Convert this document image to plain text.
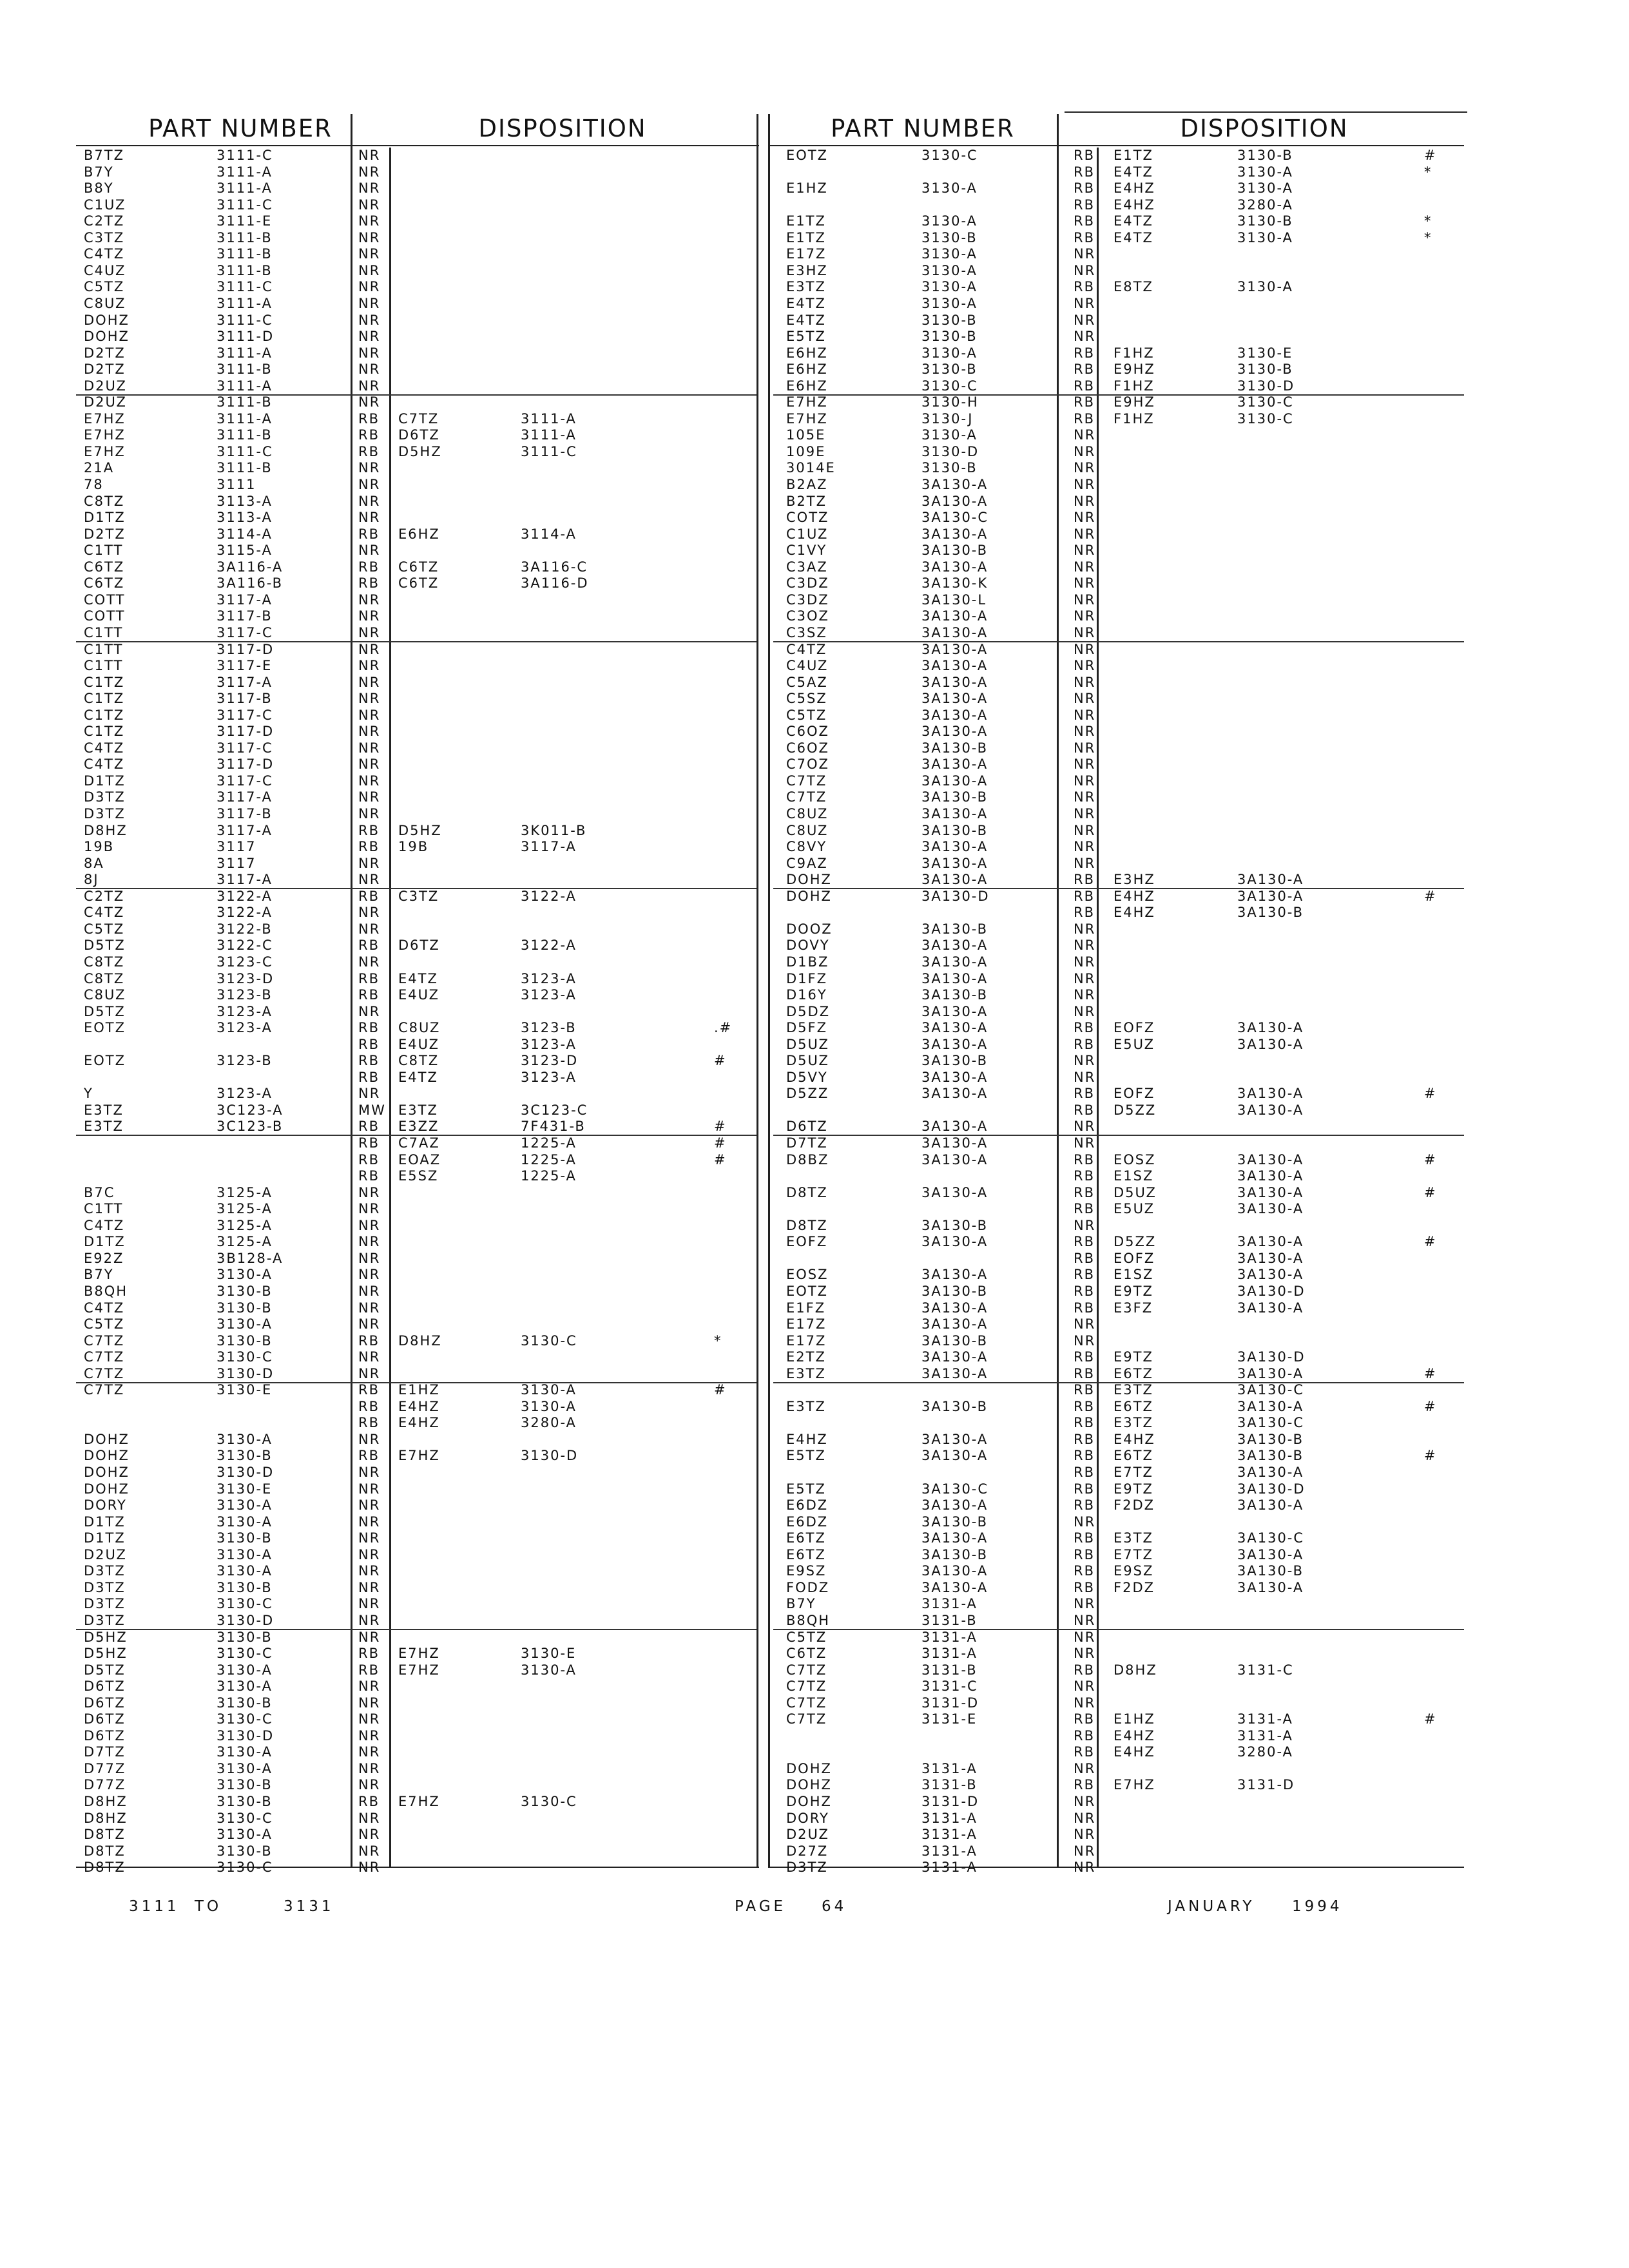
PART NUMBER	DISPOSITION
B7TZ	3111-C	NR
B7Y	3111-A	NR
B8Y	3111-A	NR
C1UZ	3111-C	NR
C2TZ	3111-E	NR
C3TZ	3111-B	NR
C4TZ	3111-B	NR
C4UZ	3111-B	NR
C5TZ	3111-C	NR
C8UZ	3111-A	NR
DOHZ	3111-C	NR
DOHZ	3111-D	NR
D2TZ	3111-A	NR
D2TZ	3111-B	NR
D2UZ	3111-A	NR
D2UZ	3111-B	NR
E7HZ	3111-A	RB C7TZ	3111-A
E7HZ	3111-B	RB D6TZ	3111-A
E7HZ	3111-C	RB D5HZ	3111-C
21A	3111-B	NR
78	3111	NR
C8TZ	3113-A	NR
D1TZ	3113-A	NR
D2TZ	3114-A	RB E6HZ	3114-A
C1TT	3115-A	NR
C6TZ	3A116-A	RB C6TZ	3A116-C
C6TZ	3A116-B	RB C6TZ	3A116-D
COTT	3117-A	NR
COTT	3117-B	NR
C1TT	3117-C	NR
C1TT	3117-D	NR
C1TT	3117-E	NR
C1TZ	3117-A	NR
C1TZ	3117-B	NR
C1TZ	3117-C	NR
C1TZ	3117-D	NR
C4TZ	3117-C	NR
C4TZ	3117-D	NR
D1TZ	3117-C	NR
D3TZ	3117-A	NR
D3TZ	3117-B	NR
D8HZ	3117-A	RB D5HZ	3K011-B
19B	3117	RB 19B	3117-A
8A	3117	NR
8J	3117-A	NR
C2TZ	3122-A	RB C3TZ	3122-A
C4TZ	3122-A	NR
C5TZ	3122-B	NR
D5TZ	3122-C	RB D6TZ	3122-A
C8TZ	3123-C	NR
C8TZ	3123-D	RB E4TZ	3123-A
C8UZ	3123-B	RB E4UZ	3123-A
D5TZ	3123-A	NR
EOTZ	3123-A	RB C8UZ	3123-B	.#
RB E4UZ	3123-A
EOTZ	3123-B	RB C8TZ	3123-D	#
RB E4TZ	3123-A
Y	3123-A	NR
E3TZ	3C123-A	MW E3TZ	3C123-C
E3TZ	3C123-B	RB E3ZZ	7F431-B	#
RB C7AZ	1225-A	#
RB EOAZ	1225-A	#
RB E5SZ	1225-A
B7C	3125-A	NR
C1TT	3125-A	NR
C4TZ	3125-A	NR
D1TZ	3125-A	NR
E92Z	3B128-A	NR
B7Y	3130-A	NR
B8QH	3130-B	NR
C4TZ	3130-B	NR
C5TZ	3130-A	NR
C7TZ	3130-B	RB D8HZ	3130-C	*
C7TZ	3130-C	NR
C7TZ	3130-D	NR
C7TZ	3130-E	RB E1HZ	3130-A	#
RB E4HZ	3130-A
RB E4HZ	3280-A
DOHZ	3130-A	NR
DOHZ	3130-B	RB E7HZ	3130-D
DOHZ	3130-D	NR
DOHZ	3130-E	NR
DORY	3130-A	NR
D1TZ	3130-A	NR
D1TZ	3130-B	NR
D2UZ	3130-A	NR
D3TZ	3130-A	NR
D3TZ	3130-B	NR
D3TZ	3130-C	NR
D3TZ	3130-D	NR
D5HZ	3130-B	NR
D5HZ	3130-C	RB E7HZ	3130-E
D5TZ	3130-A	RB E7HZ	3130-A
D6TZ	3130-A	NR
D6TZ	3130-B	NR
D6TZ	3130-C	NR
D6TZ	3130-D	NR
D7TZ	3130-A	NR
D77Z	3130-A	NR
D77Z	3130-B	NR
D8HZ	3130-B	RB E7HZ	3130-C
D8HZ	3130-C	NR
D8TZ	3130-A	NR
D8TZ	3130-B	NR
D8TZ	3130-C	NR
PART NUMBER	DISPOSITION
EOTZ	3130-C	RB E1TZ	3130-B	#
RB E4TZ	3130-A	*
E1HZ	3130-A	RB E4HZ	3130-A
RB E4HZ	3280-A
E1TZ	3130-A	RB E4TZ	3130-B	*
E1TZ	3130-B	RB E4TZ	3130-A	*
E17Z	3130-A	NR
E3HZ	3130-A	NR
E3TZ	3130-A	RB E8TZ	3130-A
E4TZ	3130-A	NR
E4TZ	3130-B	NR
E5TZ	3130-B	NR
E6HZ	3130-A	RB F1HZ	3130-E
E6HZ	3130-B	RB E9HZ	3130-B
E6HZ	3130-C	RB F1HZ	3130-D
E7HZ	3130-H	RB E9HZ	3130-C
E7HZ	3130-J	RB F1HZ	3130-C
105E	3130-A	NR
109E	3130-D	NR
3014E	3130-B	NR
B2AZ	3A130-A	NR
B2TZ	3A130-A	NR
COTZ	3A130-C	NR
C1UZ	3A130-A	NR
C1VY	3A130-B	NR
C3AZ	3A130-A	NR
C3DZ	3A130-K	NR
C3DZ	3A130-L	NR
C3OZ	3A130-A	NR
C3SZ	3A130-A	NR
C4TZ	3A130-A	NR
C4UZ	3A130-A	NR
C5AZ	3A130-A	NR
C5SZ	3A130-A	NR
C5TZ	3A130-A	NR
C6OZ	3A130-A	NR
C6OZ	3A130-B	NR
C7OZ	3A130-A	NR
C7TZ	3A130-A	NR
C7TZ	3A130-B	NR
C8UZ	3A130-A	NR
C8UZ	3A130-B	NR
C8VY	3A130-A	NR
C9AZ	3A130-A	NR
DOHZ	3A130-A	RB E3HZ	3A130-A
DOHZ	3A130-D	RB E4HZ	3A130-A	#
RB E4HZ	3A130-B
DOOZ	3A130-B	NR
DOVY	3A130-A	NR
D1BZ	3A130-A	NR
D1FZ	3A130-A	NR
D16Y	3A130-B	NR
D5DZ	3A130-A	NR
D5FZ	3A130-A	RB EOFZ	3A130-A
D5UZ	3A130-A	RB E5UZ	3A130-A
D5UZ	3A130-B	NR
D5VY	3A130-A	NR
D5ZZ	3A130-A	RB EOFZ	3A130-A	#
RB D5ZZ	3A130-A
D6TZ	3A130-A	NR
D7TZ	3A130-A	NR
D8BZ	3A130-A	RB EOSZ	3A130-A	#
RB E1SZ	3A130-A
D8TZ	3A130-A	RB D5UZ	3A130-A	#
RB E5UZ	3A130-A
D8TZ	3A130-B	NR
EOFZ	3A130-A	RB D5ZZ	3A130-A	#
RB EOFZ	3A130-A
EOSZ	3A130-A	RB E1SZ	3A130-A
EOTZ	3A130-B	RB E9TZ	3A130-D
E1FZ	3A130-A	RB E3FZ	3A130-A
E17Z	3A130-A	NR
E17Z	3A130-B	NR
E2TZ	3A130-A	RB E9TZ	3A130-D
E3TZ	3A130-A	RB E6TZ	3A130-A	#
RB E3TZ	3A130-C
E3TZ	3A130-B	RB E6TZ	3A130-A	#
RB E3TZ	3A130-C
E4HZ	3A130-A	RB E4HZ	3A130-B
E5TZ	3A130-A	RB E6TZ	3A130-B	#
RB E7TZ	3A130-A
E5TZ	3A130-C	RB E9TZ	3A130-D
E6DZ	3A130-A	RB F2DZ	3A130-A
E6DZ	3A130-B	NR
E6TZ	3A130-A	RB E3TZ	3A130-C
E6TZ	3A130-B	RB E7TZ	3A130-A
E9SZ	3A130-A	RB E9SZ	3A130-B
FODZ	3A130-A	RB F2DZ	3A130-A
B7Y	3131-A	NR
B8QH	3131-B	NR
C5TZ	3131-A	NR
C6TZ	3131-A	NR
C7TZ	3131-B	RB D8HZ	3131-C
C7TZ	3131-C	NR
C7TZ	3131-D	NR
C7TZ	3131-E	RB E1HZ	3131-A	#
RB E4HZ	3131-A
RB E4HZ	3280-A
DOHZ	3131-A	NR
DOHZ	3131-B	RB E7HZ	3131-D
DOHZ	3131-D	NR
DORY	3131-A	NR
D2UZ	3131-A	NR
D27Z	3131-A	NR
D3TZ	3131-A	NR
3111 TO	3131	PAGE 64	JANUARY	1994
